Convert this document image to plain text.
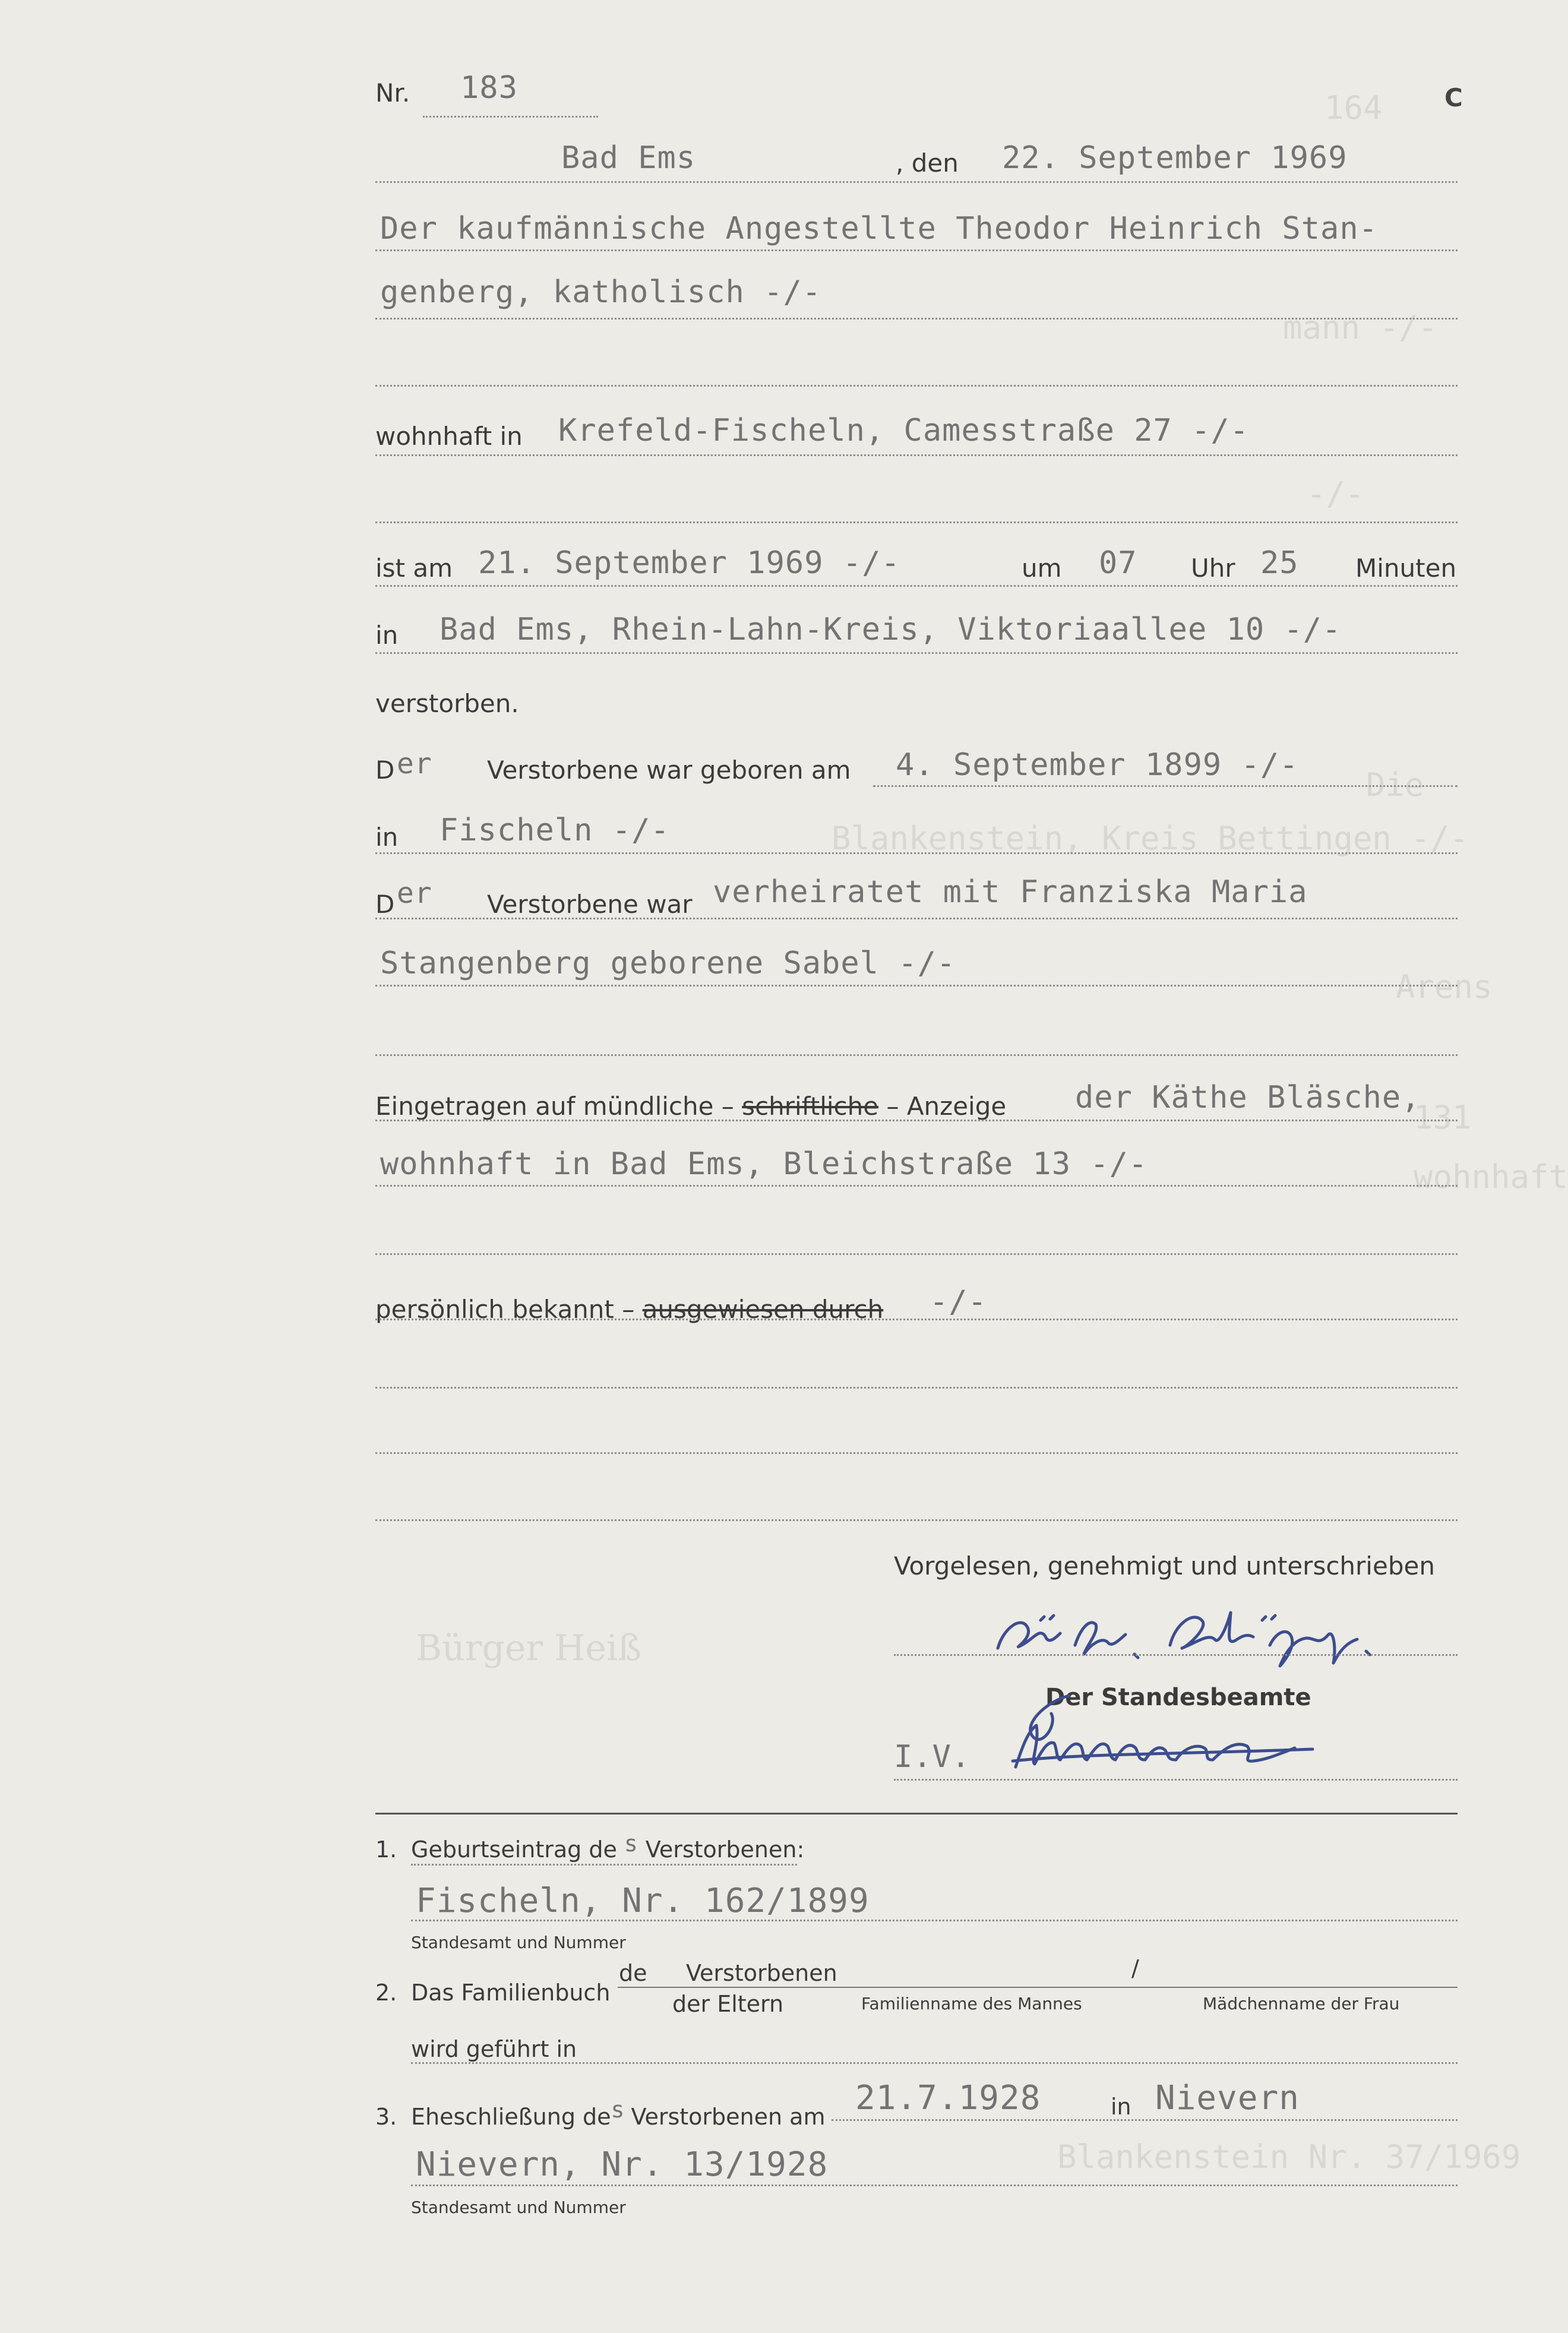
164
mann -/-
-/-
Die
Blankenstein, Kreis Bettingen -/-
Arens
131
wohnhaft
Bürger Heiß
Blankenstein Nr. 37/1969
Nr. 183	C
Bad Ems	, den 22. September 1969
Der kaufmännische Angestellte Theodor Heinrich Stan-
genberg, katholisch -/-
wohnhaft in Krefeld-Fischeln, Camesstraße 27 -/-
ist am 21. September 1969 -/-	um 07 Uhr 25 Minuten
in Bad Ems, Rhein-Lahn-Kreis, Viktoriaallee 10 -/-
verstorben.
D er Verstorbene war geboren am 4. September 1899 -/-
in Fischeln -/-
D er Verstorbene war verheiratet mit Franziska Maria
Stangenberg geborene Sabel -/-
Eingetragen auf mündliche – schriftliche – Anzeige der Käthe Bläsche,
wohnhaft in Bad Ems, Bleichstraße 13 -/-
persönlich bekannt – ausgewiesen durch -/-
Vorgelesen, genehmigt und unterschrieben
Der Standesbeamte
I.V.
1. Geburtseintrag de s Verstorbenen:
Fischeln, Nr. 162/1899
Standesamt und Nummer
2. Das Familienbuch
de Verstorbenen	/
der Eltern	Familienname des Mannes	Mädchenname der Frau
wird geführt in
3. Eheschließung des Verstorbenen am 21.7.1928	in Nievern
Nievern, Nr. 13/1928
Standesamt und Nummer
